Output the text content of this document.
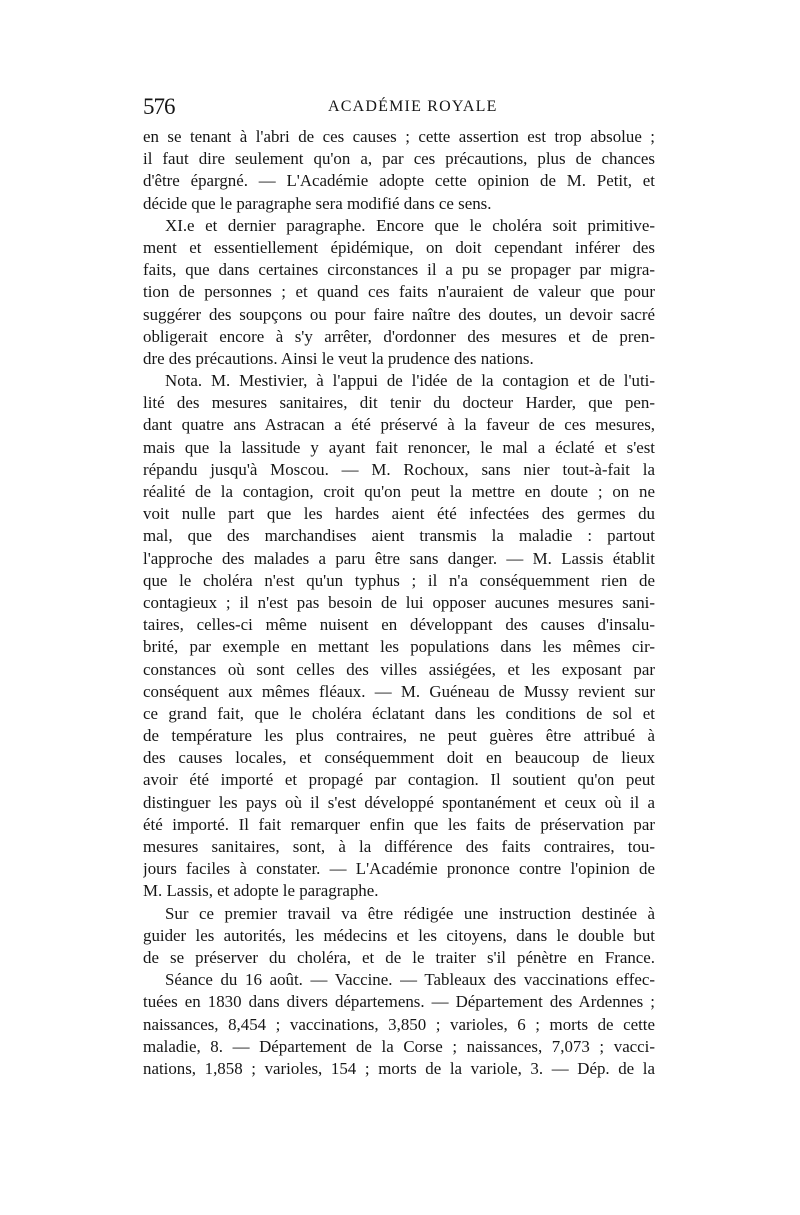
576	ACADÉMIE ROYALE
en se tenant à l'abri de ces causes ; cette assertion est trop absolue ;
il faut dire seulement qu'on a, par ces précautions, plus de chances
d'être épargné. — L'Académie adopte cette opinion de M. Petit, et
décide que le paragraphe sera modifié dans ce sens.
XI.e et dernier paragraphe. Encore que le choléra soit primitive-
ment et essentiellement épidémique, on doit cependant inférer des
faits, que dans certaines circonstances il a pu se propager par migra-
tion de personnes ; et quand ces faits n'auraient de valeur que pour
suggérer des soupçons ou pour faire naître des doutes, un devoir sacré
obligerait encore à s'y arrêter, d'ordonner des mesures et de pren-
dre des précautions. Ainsi le veut la prudence des nations.
Nota. M. Mestivier, à l'appui de l'idée de la contagion et de l'uti-
lité des mesures sanitaires, dit tenir du docteur Harder, que pen-
dant quatre ans Astracan a été préservé à la faveur de ces mesures,
mais que la lassitude y ayant fait renoncer, le mal a éclaté et s'est
répandu jusqu'à Moscou. — M. Rochoux, sans nier tout-à-fait la
réalité de la contagion, croit qu'on peut la mettre en doute ; on ne
voit nulle part que les hardes aient été infectées des germes du
mal, que des marchandises aient transmis la maladie : partout
l'approche des malades a paru être sans danger. — M. Lassis établit
que le choléra n'est qu'un typhus ; il n'a conséquemment rien de
contagieux ; il n'est pas besoin de lui opposer aucunes mesures sani-
taires, celles-ci même nuisent en développant des causes d'insalu-
brité, par exemple en mettant les populations dans les mêmes cir-
constances où sont celles des villes assiégées, et les exposant par
conséquent aux mêmes fléaux. — M. Guéneau de Mussy revient sur
ce grand fait, que le choléra éclatant dans les conditions de sol et
de température les plus contraires, ne peut guères être attribué à
des causes locales, et conséquemment doit en beaucoup de lieux
avoir été importé et propagé par contagion. Il soutient qu'on peut
distinguer les pays où il s'est développé spontanément et ceux où il a
été importé. Il fait remarquer enfin que les faits de préservation par
mesures sanitaires, sont, à la différence des faits contraires, tou-
jours faciles à constater. — L'Académie prononce contre l'opinion de
M. Lassis, et adopte le paragraphe.
Sur ce premier travail va être rédigée une instruction destinée à
guider les autorités, les médecins et les citoyens, dans le double but
de se préserver du choléra, et de le traiter s'il pénètre en France.
Séance du 16 août. — Vaccine. — Tableaux des vaccinations effec-
tuées en 1830 dans divers départemens. — Département des Ardennes ;
naissances, 8,454 ; vaccinations, 3,850 ; varioles, 6 ; morts de cette
maladie, 8. — Département de la Corse ; naissances, 7,073 ; vacci-
nations, 1,858 ; varioles, 154 ; morts de la variole, 3. — Dép. de la
